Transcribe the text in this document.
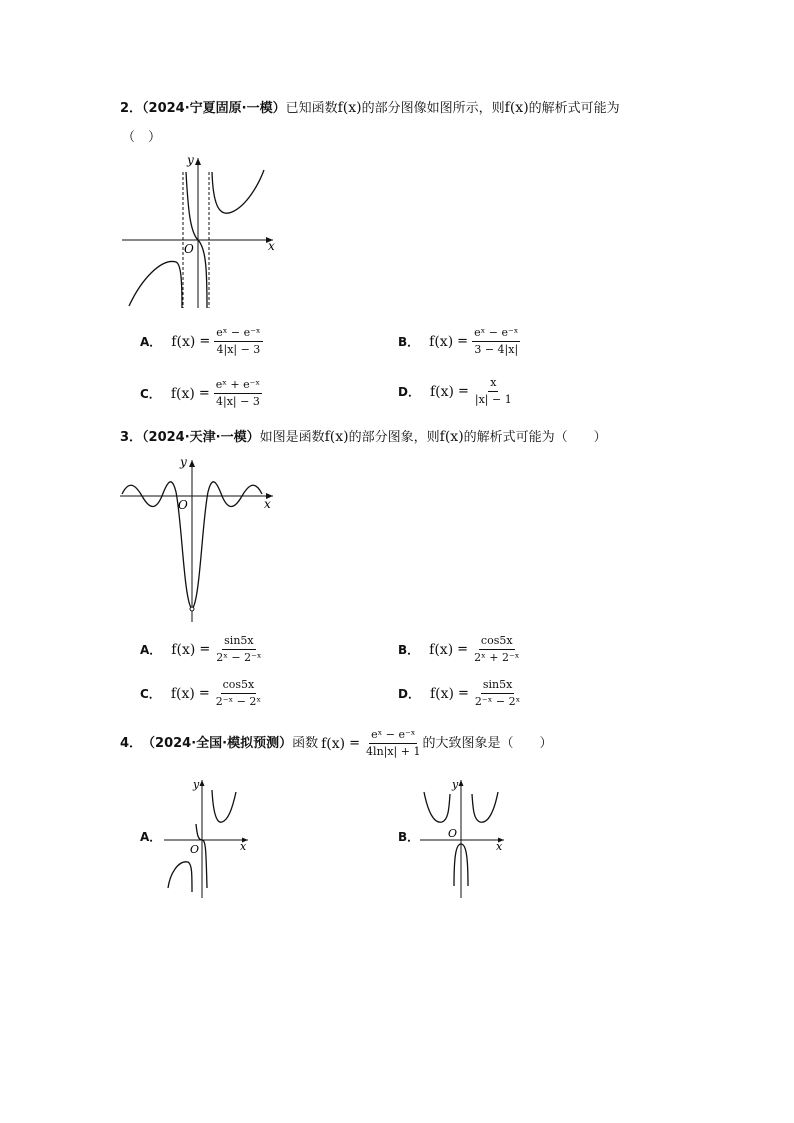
2．（2024·宁夏固原·一模）已知函数f(x)的部分图像如图所示，则f(x)的解析式可能为
（　）
x
y
O
A． $f(x) = \frac{\text{eˣ − e⁻ˣ}}{4|x| - 3}$	B． $f(x) = \frac{\text{eˣ − e⁻ˣ}}{3 - 4|x|}$
C． $f(x) = \frac{\text{eˣ + e⁻ˣ}}{4|x| - 3}$	D． $f(x) = \frac{x}{|x| - 1}$
3．（2024·天津·一模）如图是函数f(x)的部分图象，则f(x)的解析式可能为（　　）
x
y
O
A． $f(x) = \frac{\sin 5x}{\text{2ˣ − 2⁻ˣ}}$	B． $f(x) = \frac{\cos 5x}{\text{2ˣ + 2⁻ˣ}}$
C． $f(x) = \frac{\cos 5x}{\text{2⁻ˣ − 2ˣ}}$	D． $f(x) = \frac{\sin 5x}{\text{2⁻ˣ − 2ˣ}}$
4． （2024·全国·模拟预测） 函数 $f(x) = \frac{\text{eˣ − e⁻ˣ}}{4\ln|x| + 1}$ 的大致图象是（　　）
A．
x
y
O
B．
x
y
O
